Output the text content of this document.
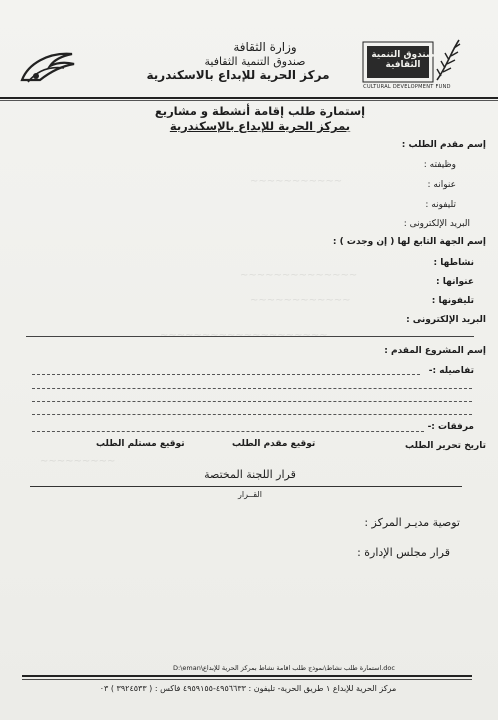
~~~~~~~~~~~
~~~~~~~~~~~~~~
~~~~~~~~~~~~
~~~~~~~~~~~~~~~~~~~~
~~~~~~~~~
وزارة الثقافة
صندوق التنمية الثقافية
مركز الحرية للإبداع بالاسكندرية
صندوق التنمية الثقافية
CULTURAL DEVELOPMENT FUND
إستمارة طلب إقامة أنشطة و مشاريع
بمركز الحرية للإبداع بالإسكندرية
إسم مقدم الطلب :
وظيفته :
عنوانه :
تليفونه :
البريد الإلكترونى :
إسم الجهة التابع لها ( إن وجدت ) :
نشاطها :
عنوانها :
تليفونها :
البريد الإلكترونى :
إسم المشروع المقدم :
تفاصيله :-
مرفقات :-
تاريخ تحرير الطلب
توقيع مقدم الطلب
توقيع مستلم الطلب
قرار اللجنة المختصة
القــرار
توصية مديـر المركز :
قرار مجلس الإدارة :
D:\eman\استمارة طلب نشاط\نموذج طلب اقامة نشاط بمركز الحرية للإبداع.doc
مركز الحرية للإبداع ١ طريق الحرية- تليفون : ٤٩٥٦٦٣٣-٤٩٥٩١٥٥ فاكس : ( ٣٩٢٤٥٣٣ ) ٠٣
